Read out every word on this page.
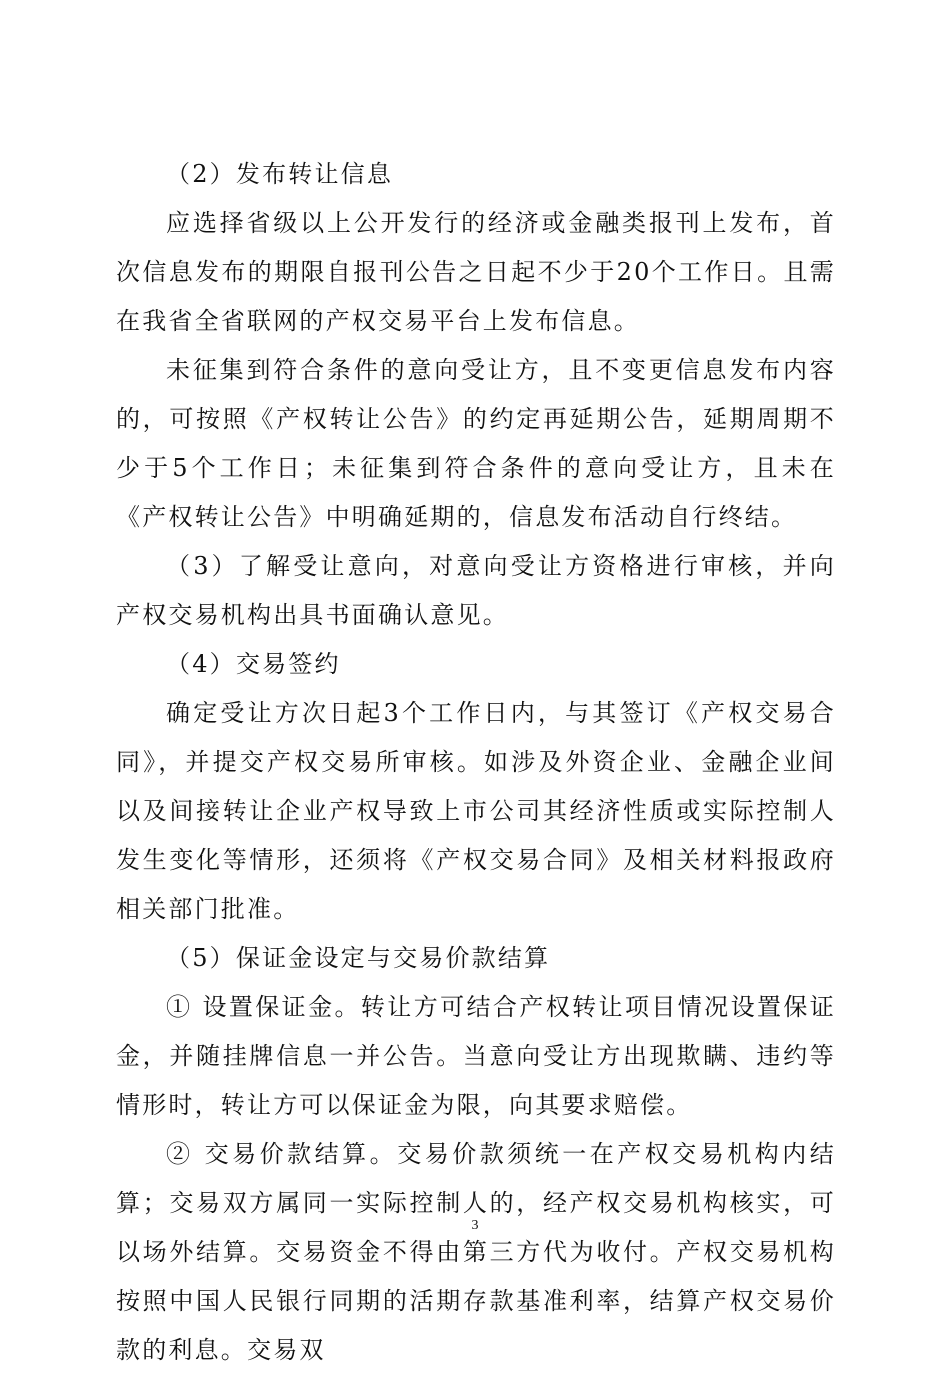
（2）发布转让信息

应选择省级以上公开发行的经济或金融类报刊上发布，首次信息发布的期限自报刊公告之日起不少于20个工作日。且需在我省全省联网的产权交易平台上发布信息。

未征集到符合条件的意向受让方，且不变更信息发布内容的，可按照《产权转让公告》的约定再延期公告，延期周期不少于5个工作日；未征集到符合条件的意向受让方，且未在《产权转让公告》中明确延期的，信息发布活动自行终结。

（3）了解受让意向，对意向受让方资格进行审核，并向产权交易机构出具书面确认意见。

（4）交易签约

确定受让方次日起3个工作日内，与其签订《产权交易合同》，并提交产权交易所审核。如涉及外资企业、金融企业间以及间接转让企业产权导致上市公司其经济性质或实际控制人发生变化等情形，还须将《产权交易合同》及相关材料报政府相关部门批准。

（5）保证金设定与交易价款结算

① 设置保证金。转让方可结合产权转让项目情况设置保证金，并随挂牌信息一并公告。当意向受让方出现欺瞒、违约等情形时，转让方可以保证金为限，向其要求赔偿。

② 交易价款结算。交易价款须统一在产权交易机构内结算；交易双方属同一实际控制人的，经产权交易机构核实，可以场外结算。交易资金不得由第三方代为收付。产权交易机构按照中国人民银行同期的活期存款基准利率，结算产权交易价款的利息。交易双

3
